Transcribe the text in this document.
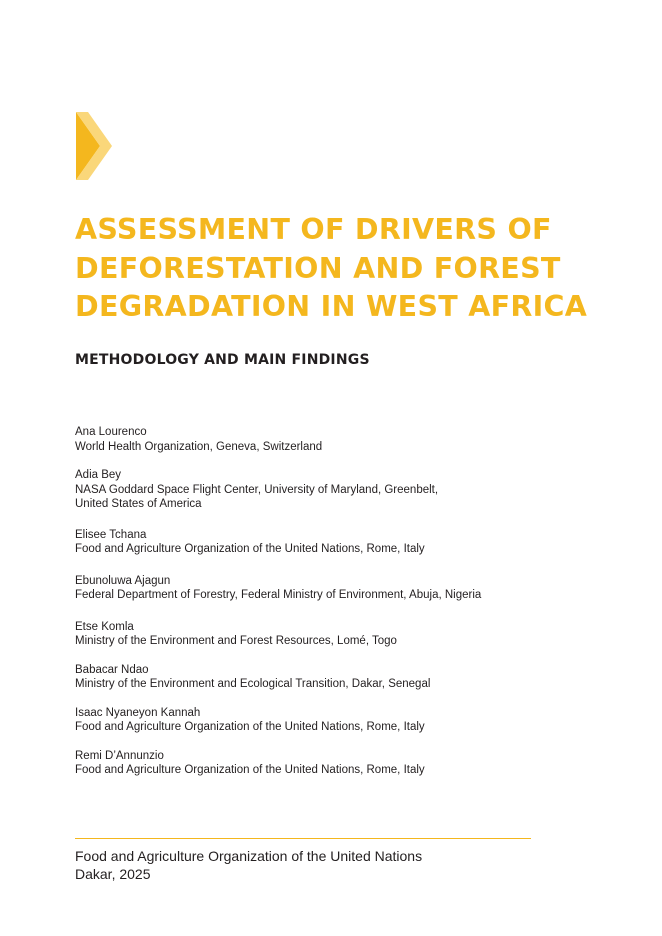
ASSESSMENT OF DRIVERS OF
DEFORESTATION AND FOREST
DEGRADATION IN WEST AFRICA
METHODOLOGY AND MAIN FINDINGS
Ana Lourenco
World Health Organization, Geneva, Switzerland
Adia Bey
NASA Goddard Space Flight Center, University of Maryland, Greenbelt,
United States of America
Elisee Tchana
Food and Agriculture Organization of the United Nations, Rome, Italy
Ebunoluwa Ajagun
Federal Department of Forestry, Federal Ministry of Environment, Abuja, Nigeria
Etse Komla
Ministry of the Environment and Forest Resources, Lomé, Togo
Babacar Ndao
Ministry of the Environment and Ecological Transition, Dakar, Senegal
Isaac Nyaneyon Kannah
Food and Agriculture Organization of the United Nations, Rome, Italy
Remi D’Annunzio
Food and Agriculture Organization of the United Nations, Rome, Italy
Food and Agriculture Organization of the United Nations
Dakar, 2025
